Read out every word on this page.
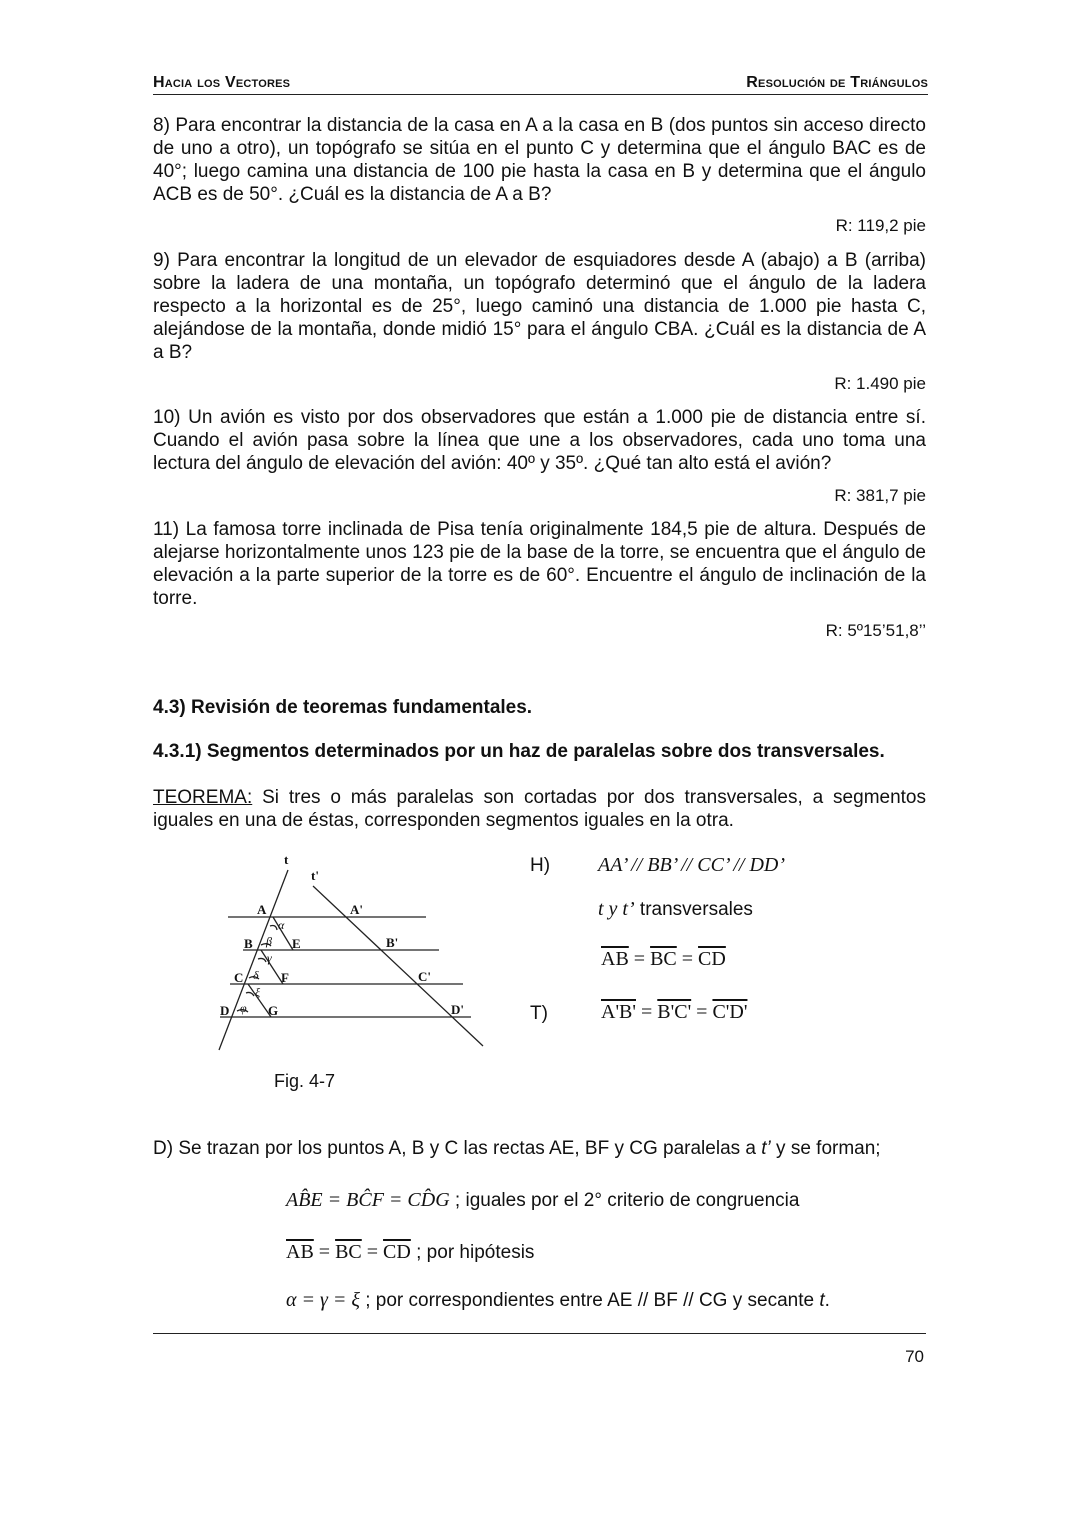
Hacia los Vectores	Resolución de Triángulos
8) Para encontrar la distancia de la casa en A a la casa en B (dos puntos sin acceso directo de uno a otro), un topógrafo se sitúa en el punto C y determina que el ángulo BAC es de 40°; luego camina una distancia de 100 pie hasta la casa en B y determina que el ángulo ACB es de 50°. ¿Cuál es la distancia de A a B?
R: 119,2 pie
9) Para encontrar la longitud de un elevador de esquiadores desde A (abajo) a B (arriba) sobre la ladera de una montaña, un topógrafo determinó que el ángulo de la ladera respecto a la horizontal es de 25°, luego caminó una distancia de 1.000 pie hasta C, alejándose de la montaña, donde midió 15° para el ángulo CBA. ¿Cuál es la distancia de A a B?
R: 1.490 pie
10) Un avión es visto por dos observadores que están a 1.000 pie de distancia entre sí. Cuando el avión pasa sobre la línea que une a los observadores, cada uno toma una lectura del ángulo de elevación del avión: 40º y 35º. ¿Qué tan alto está el avión?
R: 381,7 pie
11) La famosa torre inclinada de Pisa tenía originalmente 184,5 pie de altura. Después de alejarse horizontalmente unos 123 pie de la base de la torre, se encuentra que el ángulo de elevación a la parte superior de la torre es de 60°. Encuentre el ángulo de inclinación de la torre.
R: 5º15’51,8’’
4.3) Revisión de teoremas fundamentales.
4.3.1) Segmentos determinados por un haz de paralelas sobre dos transversales.
TEOREMA: Si tres o más paralelas son cortadas por dos transversales, a segmentos iguales en una de éstas, corresponden segmentos iguales en la otra.
t
t'
A	A'
B	B'
C	C'
D	D'
E
F
G
α
β
γ
δ
ξ
φ
Fig. 4-7
H) AA’ // BB’ // CC’ // DD’
t y t’ transversales
$\overline{AB} = \overline{BC} = \overline{CD}$
T)	A'B' = B'C' = C'D'
D) Se trazan por los puntos A, B y C las rectas AE, BF y CG paralelas a t’ y se forman;
AB̂E = BĈF = CD̂G ; iguales por el 2° criterio de congruencia
$\overline{AB} = \overline{BC} = \overline{CD}$ ; por hipótesis
α = γ = ξ ; por correspondientes entre AE // BF // CG y secante t.
70
